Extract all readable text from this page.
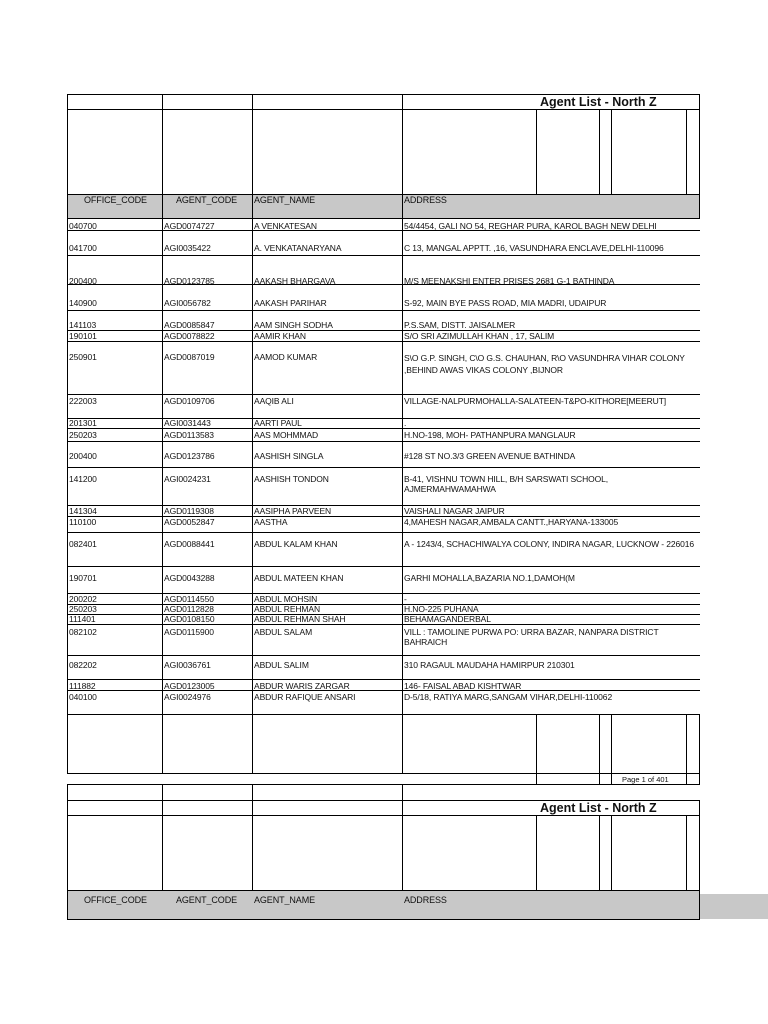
Agent List - North Z
OFFICE_CODE	AGENT_CODE AGENT_NAME	ADDRESS
040700	AGD0074727	A VENKATESAN	54/4454, GALI NO 54, REGHAR PURA, KAROL BAGH NEW DELHI
041700	AGI0035422	A. VENKATANARYANA	C 13, MANGAL APPTT. ,16, VASUNDHARA ENCLAVE,DELHI-110096
200400	AGD0123785	AAKASH BHARGAVA	M/S MEENAKSHI ENTER PRISES 2681 G-1 BATHINDA
140900	AGI0056782	AAKASH PARIHAR	S-92, MAIN BYE PASS ROAD, MIA MADRI, UDAIPUR
141103	AGD0085847	AAM SINGH SODHA	P.S.SAM, DISTT. JAISALMER
190101	AGD0078822	AAMIR KHAN	S/O SRI AZIMULLAH KHAN , 17, SALIM
250901	AGD0087019	AAMOD KUMAR	S\O G.P. SINGH, C\O G.S. CHAUHAN, R\O VASUNDHRA VIHAR COLONY ,BEHIND AWAS VIKAS COLONY ,BIJNOR
222003	AGD0109706	AAQIB ALI	VILLAGE-NALPURMOHALLA-SALATEEN-T&PO-KITHORE[MEERUT]
201301	AGI0031443	AARTI PAUL	.
250203	AGD0113583	AAS MOHMMAD	H.NO-198, MOH- PATHANPURA MANGLAUR
200400	AGD0123786	AASHISH SINGLA	#128 ST NO.3/3 GREEN AVENUE BATHINDA
141200	AGI0024231	AASHISH TONDON	B-41, VISHNU TOWN HILL, B/H SARSWATI SCHOOL, AJMERMAHWAMAHWA
141304	AGD0119308	AASIPHA PARVEEN	VAISHALI NAGAR JAIPUR
110100	AGD0052847	AASTHA	4,MAHESH NAGAR,AMBALA CANTT.,HARYANA-133005
082401	AGD0088441	ABDUL KALAM KHAN	A - 1243/4, SCHACHIWALYA COLONY, INDIRA NAGAR, LUCKNOW - 226016
190701	AGD0043288	ABDUL MATEEN KHAN	GARHI MOHALLA,BAZARIA NO.1,DAMOH(M
200202	AGD0114550	ABDUL MOHSIN	-
250203	AGD0112828	ABDUL REHMAN	H.NO-225 PUHANA
111401	AGD0108150	ABDUL REHMAN SHAH	BEHAMAGANDERBAL
082102	AGD0115900	ABDUL SALAM	VILL : TAMOLINE PURWA PO: URRA BAZAR, NANPARA DISTRICT BAHRAICH
082202	AGI0036761	ABDUL SALIM	310 RAGAUL MAUDAHA HAMIRPUR 210301
111882	AGD0123005	ABDUR WARIS ZARGAR	146- FAISAL ABAD KISHTWAR
040100	AGI0024976	ABDUR RAFIQUE ANSARI	D-5/18, RATIYA MARG,SANGAM VIHAR,DELHI-110062
Page 1 of 401
Agent List - North Z
OFFICE_CODE	AGENT_CODE AGENT_NAME	ADDRESS
